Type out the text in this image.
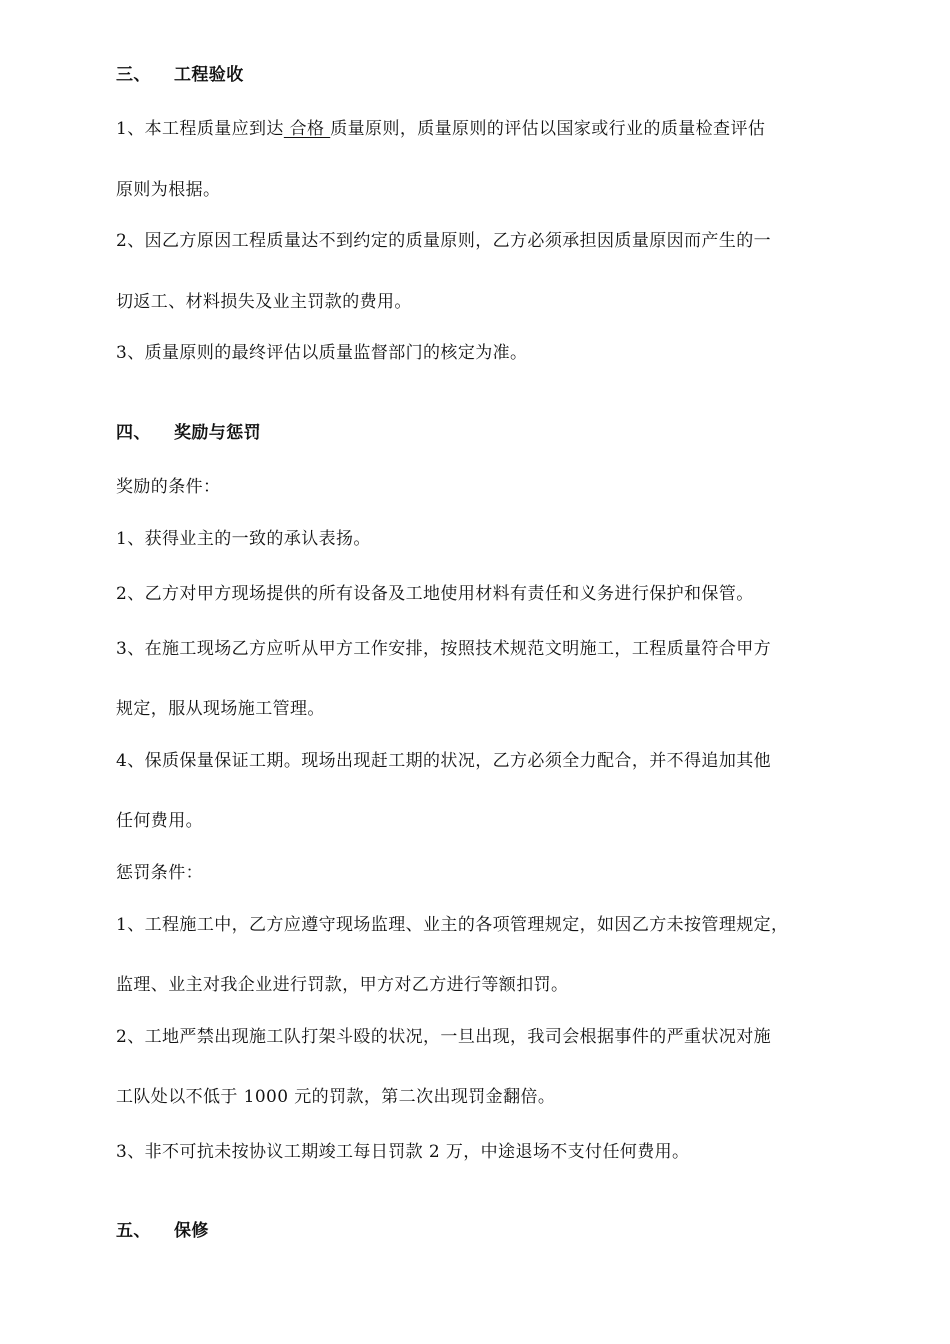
三、 工程验收
1、本工程质量应到达 合格 质量原则，质量原则的评估以国家或行业的质量检查评估
原则为根据。
2、因乙方原因工程质量达不到约定的质量原则，乙方必须承担因质量原因而产生的一
切返工、材料损失及业主罚款的费用。
3、质量原则的最终评估以质量监督部门的核定为准。
四、 奖励与惩罚
奖励的条件：
1、获得业主的一致的承认表扬。
2、乙方对甲方现场提供的所有设备及工地使用材料有责任和义务进行保护和保管。
3、在施工现场乙方应听从甲方工作安排，按照技术规范文明施工，工程质量符合甲方
规定，服从现场施工管理。
4、保质保量保证工期。现场出现赶工期的状况，乙方必须全力配合，并不得追加其他
任何费用。
惩罚条件：
1、工程施工中，乙方应遵守现场监理、业主的各项管理规定，如因乙方未按管理规定，
监理、业主对我企业进行罚款，甲方对乙方进行等额扣罚。
2、工地严禁出现施工队打架斗殴的状况，一旦出现，我司会根据事件的严重状况对施
工队处以不低于 1000 元的罚款，第二次出现罚金翻倍。
3、非不可抗未按协议工期竣工每日罚款 2 万，中途退场不支付任何费用。
五、 保修
